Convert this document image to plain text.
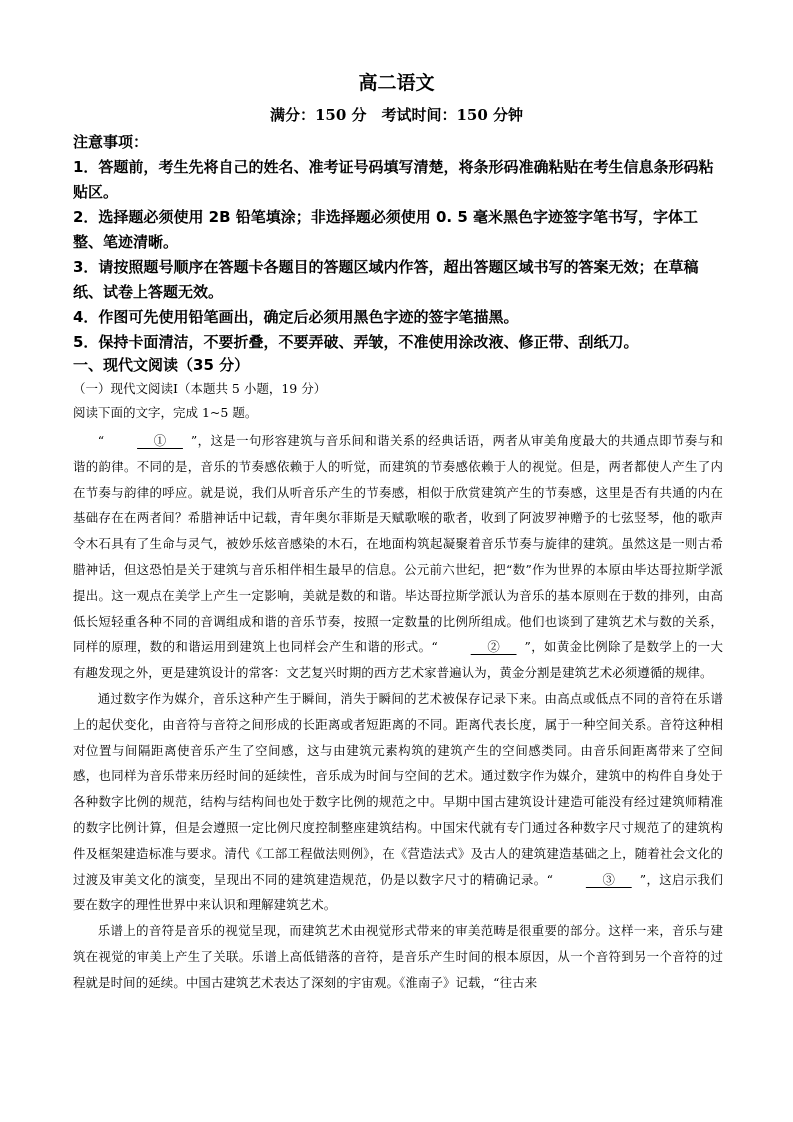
高二语文
满分：150 分　考试时间：150 分钟
注意事项：
1．答题前，考生先将自己的姓名、准考证号码填写清楚，将条形码准确粘贴在考生信息条形码粘贴区。
2．选择题必须使用 2B 铅笔填涂；非选择题必须使用 0. 5 毫米黑色字迹签字笔书写，字体工整、笔迹清晰。
3．请按照题号顺序在答题卡各题目的答题区域内作答，超出答题区域书写的答案无效；在草稿纸、试卷上答题无效。
4．作图可先使用铅笔画出，确定后必须用黑色字迹的签字笔描黑。
5．保持卡面清洁，不要折叠，不要弄破、弄皱，不准使用涂改液、修正带、刮纸刀。
一、现代文阅读（35 分）
（一）现代文阅读Ⅰ（本题共 5 小题，19 分）
阅读下面的文字，完成 1~5 题。

“	　 ①　 ”，这是一句形容建筑与音乐间和谐关系的经典话语，两者从审美角度最大的共通点即节奏与和谐的韵律。不同的是，音乐的节奏感依赖于人的听觉，而建筑的节奏感依赖于人的视觉。但是，两者都使人产生了内在节奏与韵律的呼应。就是说，我们从听音乐产生的节奏感，相似于欣赏建筑产生的节奏感，这里是否有共通的内在基础存在在两者间？希腊神话中记载，青年奥尔菲斯是天赋歌喉的歌者，收到了阿波罗神赠予的七弦竖琴，他的歌声令木石具有了生命与灵气，被妙乐炫音感染的木石，在地面构筑起凝聚着音乐节奏与旋律的建筑。虽然这是一则古希腊神话，但这恐怕是关于建筑与音乐相伴相生最早的信息。公元前六世纪，把“数”作为世界的本原由毕达哥拉斯学派提出。这一观点在美学上产生一定影响，美就是数的和谐。毕达哥拉斯学派认为音乐的基本原则在于数的排列，由高低长短轻重各种不同的音调组成和谐的音乐节奏，按照一定数量的比例所组成。他们也谈到了建筑艺术与数的关系，同样的原理，数的和谐运用到建筑上也同样会产生和谐的形式。“	　 ②　 ”，如黄金比例除了是数学上的一大有趣发现之外，更是建筑设计的常客：文艺复兴时期的西方艺术家普遍认为，黄金分割是建筑艺术必须遵循的规律。

通过数字作为媒介，音乐这种产生于瞬间，消失于瞬间的艺术被保存记录下来。由高点或低点不同的音符在乐谱上的起伏变化，由音符与音符之间形成的长距离或者短距离的不同。距离代表长度，属于一种空间关系。音符这种相对位置与间隔距离使音乐产生了空间感，这与由建筑元素构筑的建筑产生的空间感类同。由音乐间距离带来了空间感，也同样为音乐带来历经时间的延续性，音乐成为时间与空间的艺术。通过数字作为媒介，建筑中的构件自身处于各种数字比例的规范，结构与结构间也处于数字比例的规范之中。早期中国古建筑设计建造可能没有经过建筑师精准的数字比例计算，但是会遵照一定比例尺度控制整座建筑结构。中国宋代就有专门通过各种数字尺寸规范了的建筑构件及框架建造标准与要求。清代《工部工程做法则例》，在《营造法式》及古人的建筑建造基础之上，随着社会文化的过渡及审美文化的演变，呈现出不同的建筑建造规范，仍是以数字尺寸的精确记录。“	　 ③　 ”，这启示我们要在数字的理性世界中来认识和理解建筑艺术。

乐谱上的音符是音乐的视觉呈现，而建筑艺术由视觉形式带来的审美范畴是很重要的部分。这样一来，音乐与建筑在视觉的审美上产生了关联。乐谱上高低错落的音符，是音乐产生时间的根本原因，从一个音符到另一个音符的过程就是时间的延续。中国古建筑艺术表达了深刻的宇宙观。《淮南子》记载，“往古来
